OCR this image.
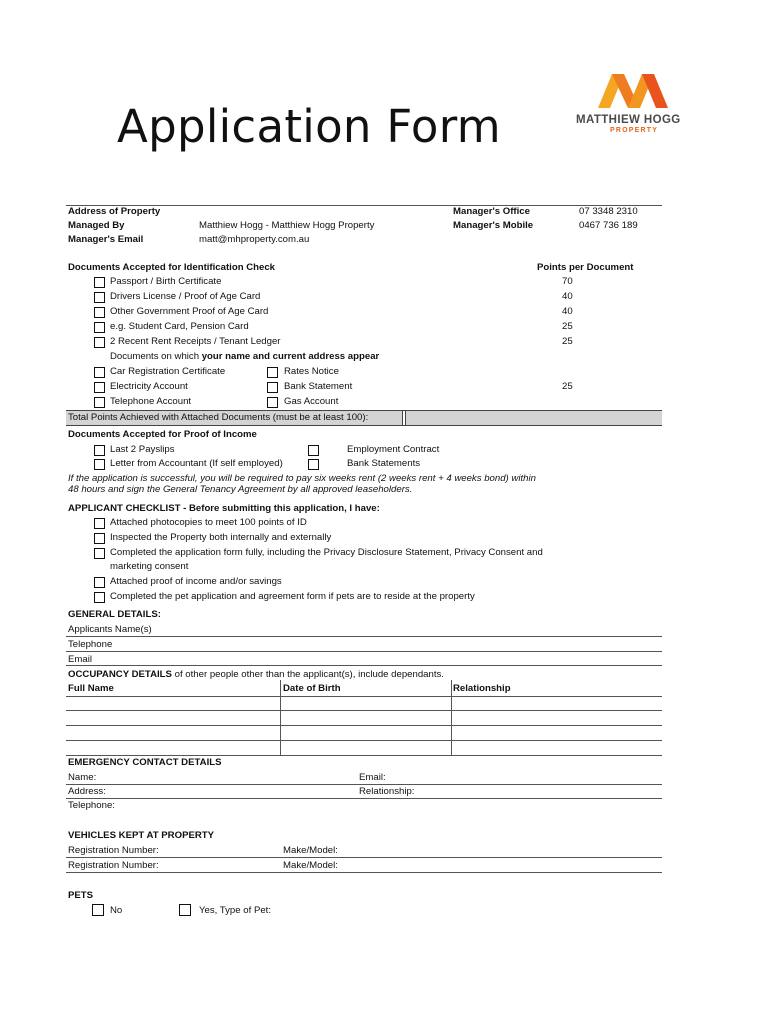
Application Form	MATTHIEW HOGG
PROPERTY
Address of Property
Managed By	Matthiew Hogg - Matthiew Hogg Property
Manager's Email	matt@mhproperty.com.au
Manager's Office	07 3348 2310
Manager's Mobile	0467 736 189
Documents Accepted for Identification Check	Points per Document
Passport / Birth Certificate	70
Drivers License / Proof of Age Card	40
Other Government Proof of Age Card	40
e.g. Student Card, Pension Card	25
2 Recent Rent Receipts / Tenant Ledger	25
Documents on which your name and current address appear
Car Registration Certificate	Rates Notice
Electricity Account	Bank Statement	25
Telephone Account	Gas Account
Total Points Achieved with Attached Documents (must be at least 100):
Documents Accepted for Proof of Income
Last 2 Payslips	Employment Contract
Letter from Accountant (If self employed)	Bank Statements
If the application is successful, you will be required to pay six weeks rent (2 weeks rent + 4 weeks bond) within
48 hours and sign the General Tenancy Agreement by all approved leaseholders.
APPLICANT CHECKLIST - Before submitting this application, I have:
Attached photocopies to meet 100 points of ID
Inspected the Property both internally and externally
Completed the application form fully, including the Privacy Disclosure Statement, Privacy Consent and
marketing consent
Attached proof of income and/or savings
Completed the pet application and agreement form if pets are to reside at the property
GENERAL DETAILS:
Applicants Name(s)
Telephone
Email
OCCUPANCY DETAILS of other people other than the applicant(s), include dependants.
Full Name	Date of Birth	Relationship
EMERGENCY CONTACT DETAILS
Name:	Email:
Address:	Relationship:
Telephone:
VEHICLES KEPT AT PROPERTY
Registration Number:	Make/Model:
Registration Number:	Make/Model:
PETS
No	Yes, Type of Pet:
